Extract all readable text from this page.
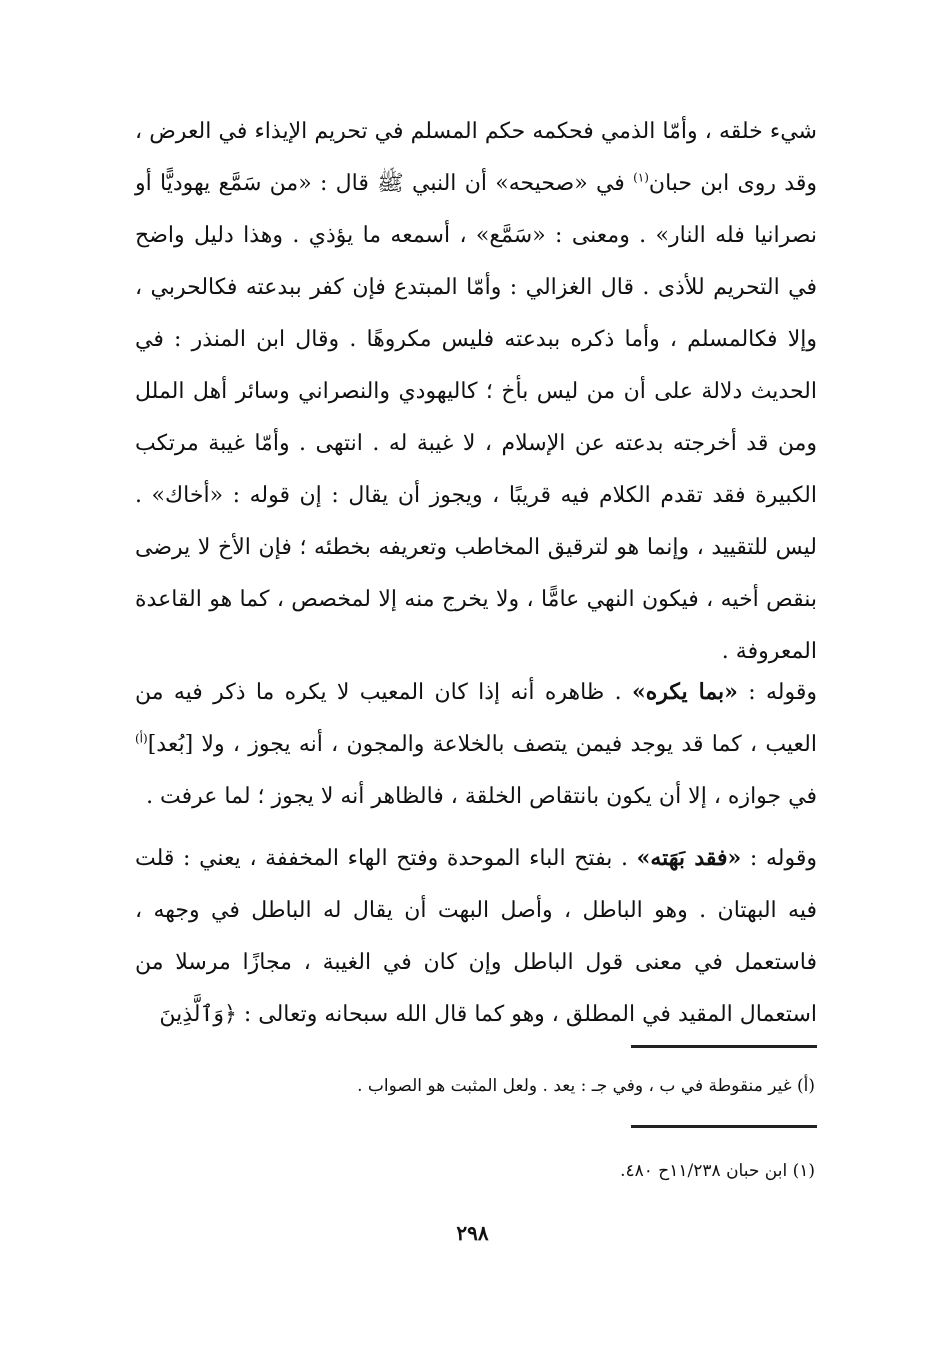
شيء خلقه ، وأمّا الذمي فحكمه حكم المسلم في تحريم الإيذاء في العرض ، وقد روى ابن حبان$^{(١)}$ في «صحيحه» أن النبي ﷺ قال : «من سَمَّع يهوديًّا أو نصرانيا فله النار» . ومعنى : «سَمَّع» ، أسمعه ما يؤذي . وهذا دليل واضح في التحريم للأذى . قال الغزالي : وأمّا المبتدع فإن كفر ببدعته فكالحربي ، وإلا فكالمسلم ، وأما ذكره ببدعته فليس مكروهًا . وقال ابن المنذر : في الحديث دلالة على أن من ليس بأخ ؛ كاليهودي والنصراني وسائر أهل الملل ومن قد أخرجته بدعته عن الإسلام ، لا غيبة له . انتهى . وأمّا غيبة مرتكب الكبيرة فقد تقدم الكلام فيه قريبًا ، ويجوز أن يقال : إن قوله : «أخاك» . ليس للتقييد ، وإنما هو لترقيق المخاطب وتعريفه بخطئه ؛ فإن الأخ لا يرضى بنقص أخيه ، فيكون النهي عامًّا ، ولا يخرج منه إلا لمخصص ، كما هو القاعدة المعروفة .

وقوله : «بما يكره» . ظاهره أنه إذا كان المعيب لا يكره ما ذكر فيه من العيب ، كما قد يوجد فيمن يتصف بالخلاعة والمجون ، أنه يجوز ، ولا [بُعد]$^{(أ)}$ في جوازه ، إلا أن يكون بانتقاص الخلقة ، فالظاهر أنه لا يجوز ؛ لما عرفت .

وقوله : «فقد بَهَته» . بفتح الباء الموحدة وفتح الهاء المخففة ، يعني : قلت فيه البهتان . وهو الباطل ، وأصل البهت أن يقال له الباطل في وجهه ، فاستعمل في معنى قول الباطل وإن كان في الغيبة ، مجازًا مرسلا من استعمال المقيد في المطلق ، وهو كما قال الله سبحانه وتعالى : ﴿وَٱلَّذِينَ

(أ) غير منقوطة في ب ، وفي جـ : يعد . ولعل المثبت هو الصواب .
(١) ابن حبان ١١/٢٣٨ح ٤٨٠.
٢٩٨
